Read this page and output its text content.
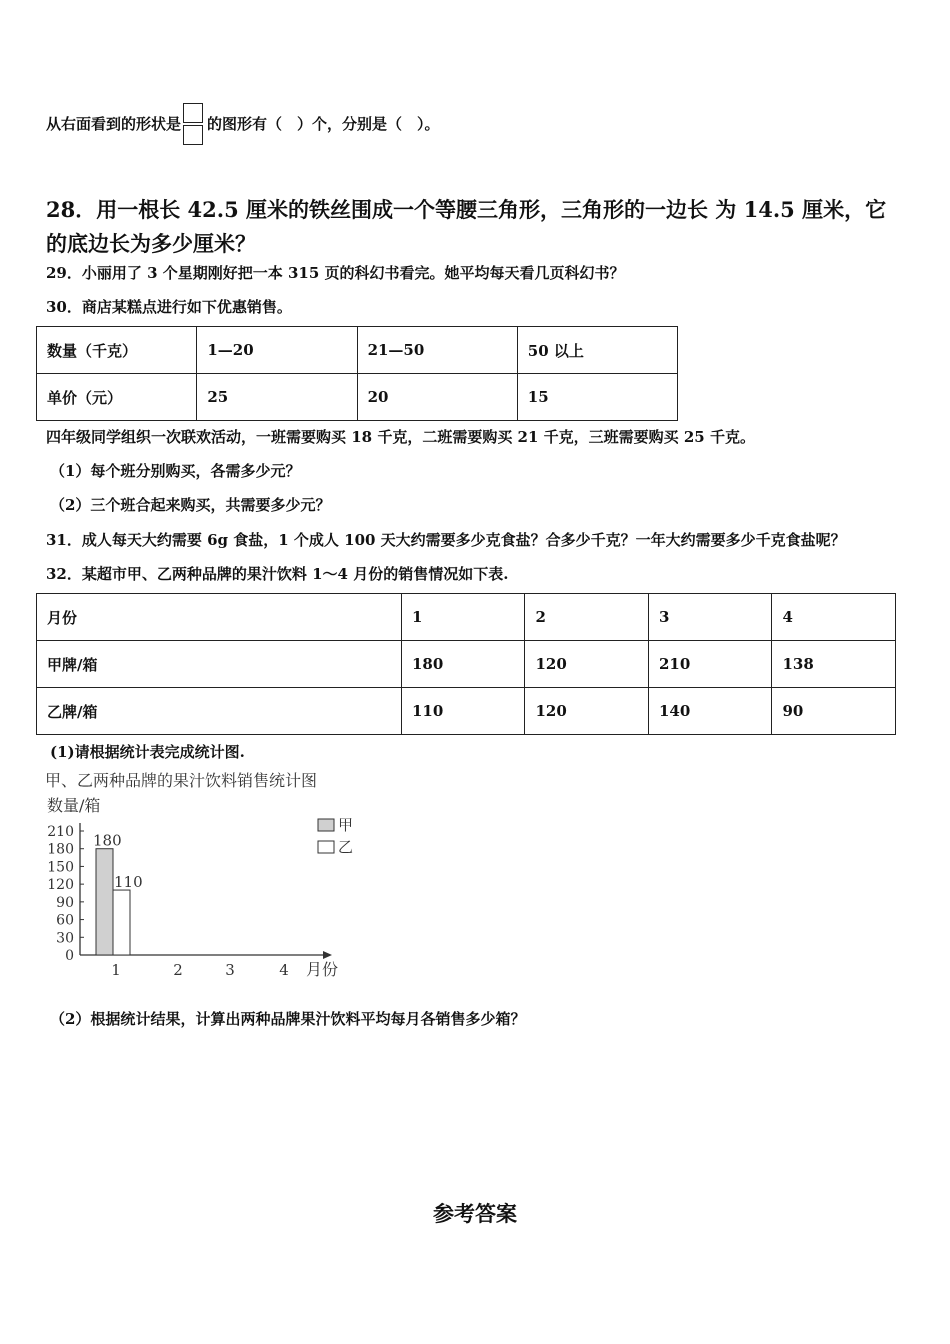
从右面看到的形状是 的图形有（　）个，分别是（　）。
28．用一根长 42.5 厘米的铁丝围成一个等腰三角形，三角形的一边长 为 14.5 厘米，它的底边长为多少厘米？
29．小丽用了 3 个星期刚好把一本 315 页的科幻书看完。她平均每天看几页科幻书？
30．商店某糕点进行如下优惠销售。
数量（千克）	1—20	21—50	50 以上
单价（元）	25	20	15
四年级同学组织一次联欢活动，一班需要购买 18 千克，二班需要购买 21 千克，三班需要购买 25 千克。
（1）每个班分别购买，各需多少元？
（2）三个班合起来购买，共需要多少元？
31．成人每天大约需要 6g 食盐，1 个成人 100 天大约需要多少克食盐？合多少千克？一年大约需要多少千克食盐呢？
32．某超市甲、乙两种品牌的果汁饮料 1～4 月份的销售情况如下表.
月份	1	2	3	4
甲牌/箱	180	120	210	138
乙牌/箱	110	120	140	90
(1)请根据统计表完成统计图.
甲、乙两种品牌的果汁饮料销售统计图
数量/箱
月份
甲
乙
0
30
60
90
120
150
180
210
1	2	3	4
180
110
（2）根据统计结果，计算出两种品牌果汁饮料平均每月各销售多少箱？
参考答案
